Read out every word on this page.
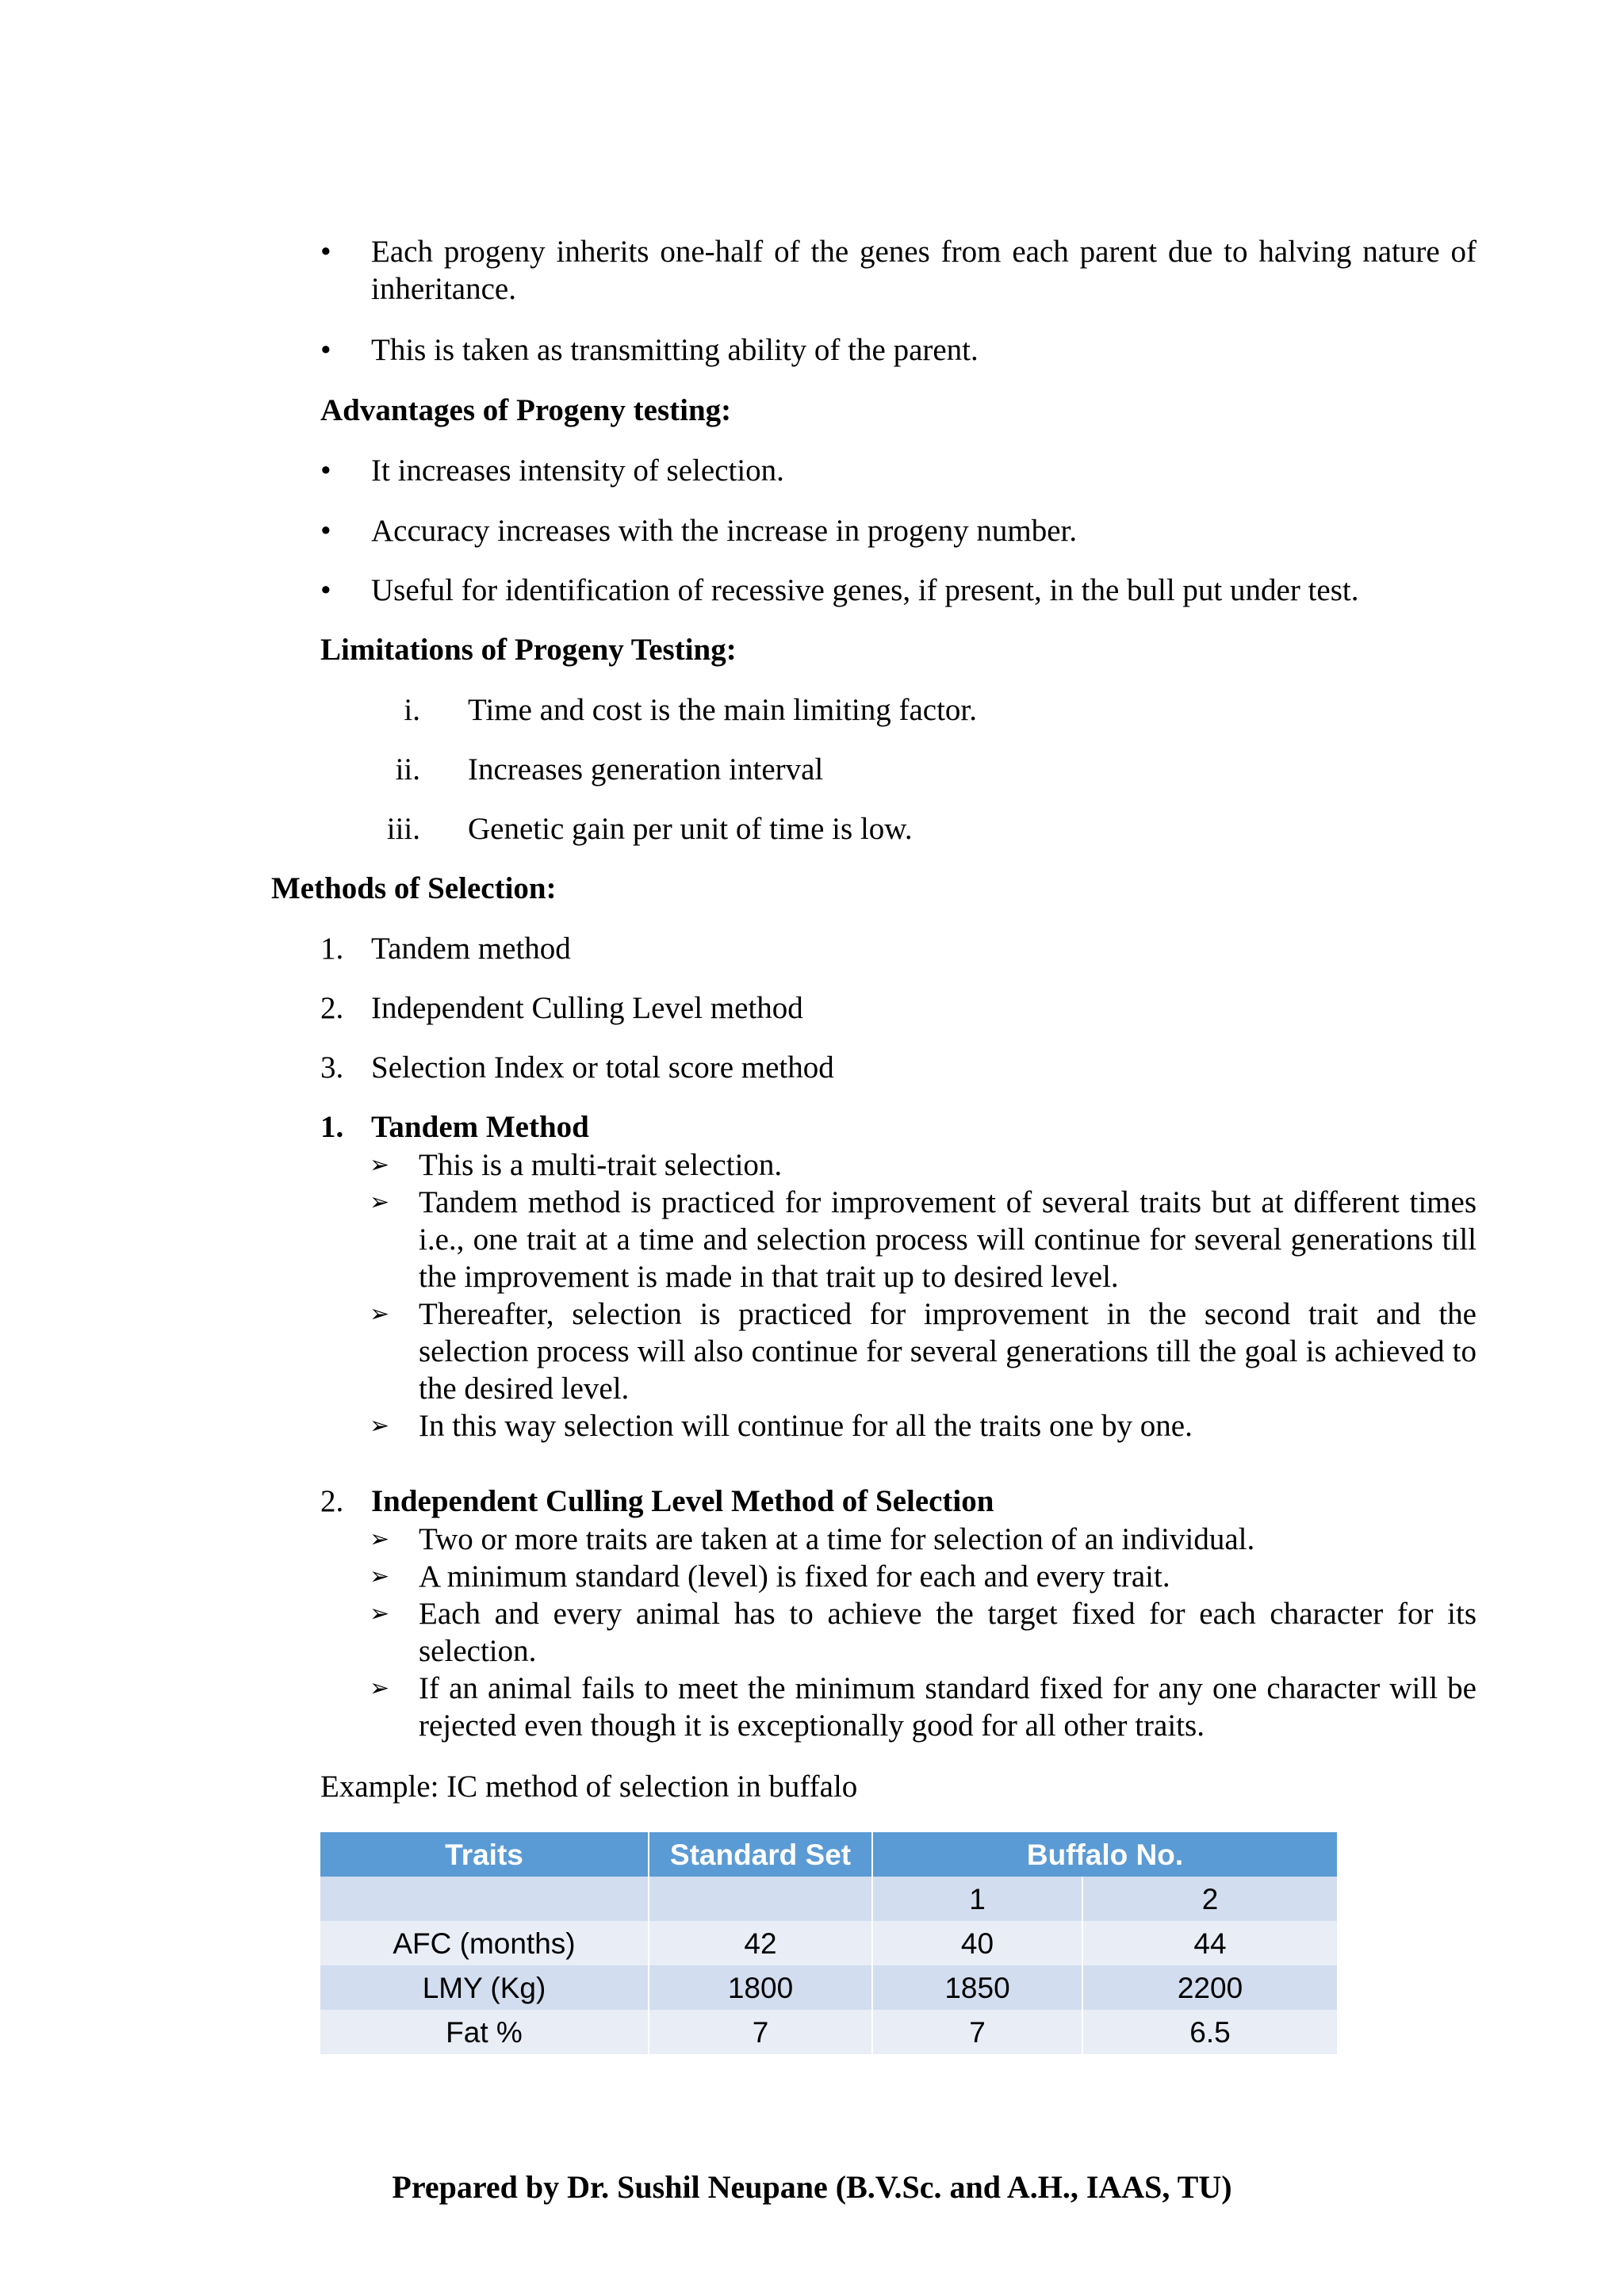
•	Each progeny inherits one-half of the genes from each parent due to halving nature of inheritance.
•	This is taken as transmitting ability of the parent.
Advantages of Progeny testing:
•	It increases intensity of selection.
•	Accuracy increases with the increase in progeny number.
•	Useful for identification of recessive genes, if present, in the bull put under test.
Limitations of Progeny Testing:
i.	Time and cost is the main limiting factor.
ii.	Increases generation interval
iii.	Genetic gain per unit of time is low.
Methods of Selection:
1. Tandem method
2. Independent Culling Level method
3. Selection Index or total score method
1. Tandem Method
➢ This is a multi-trait selection.
➢ Tandem method is practiced for improvement of several traits but at different times i.e., one trait at a time and selection process will continue for several generations till the improvement is made in that trait up to desired level.
➢ Thereafter, selection is practiced for improvement in the second trait and the selection process will also continue for several generations till the goal is achieved to the desired level.
➢ In this way selection will continue for all the traits one by one.
2. Independent Culling Level Method of Selection
➢ Two or more traits are taken at a time for selection of an individual.
➢ A minimum standard (level) is fixed for each and every trait.
➢ Each and every animal has to achieve the target fixed for each character for its selection.
➢ If an animal fails to meet the minimum standard fixed for any one character will be rejected even though it is exceptionally good for all other traits.
Example: IC method of selection in buffalo
Traits	Standard Set	Buffalo No.	
		1	2
AFC (months)	42	40	44
LMY (Kg)	1800	1850	2200
Fat %	7	7	6.5
Prepared by Dr. Sushil Neupane (B.V.Sc. and A.H., IAAS, TU)
